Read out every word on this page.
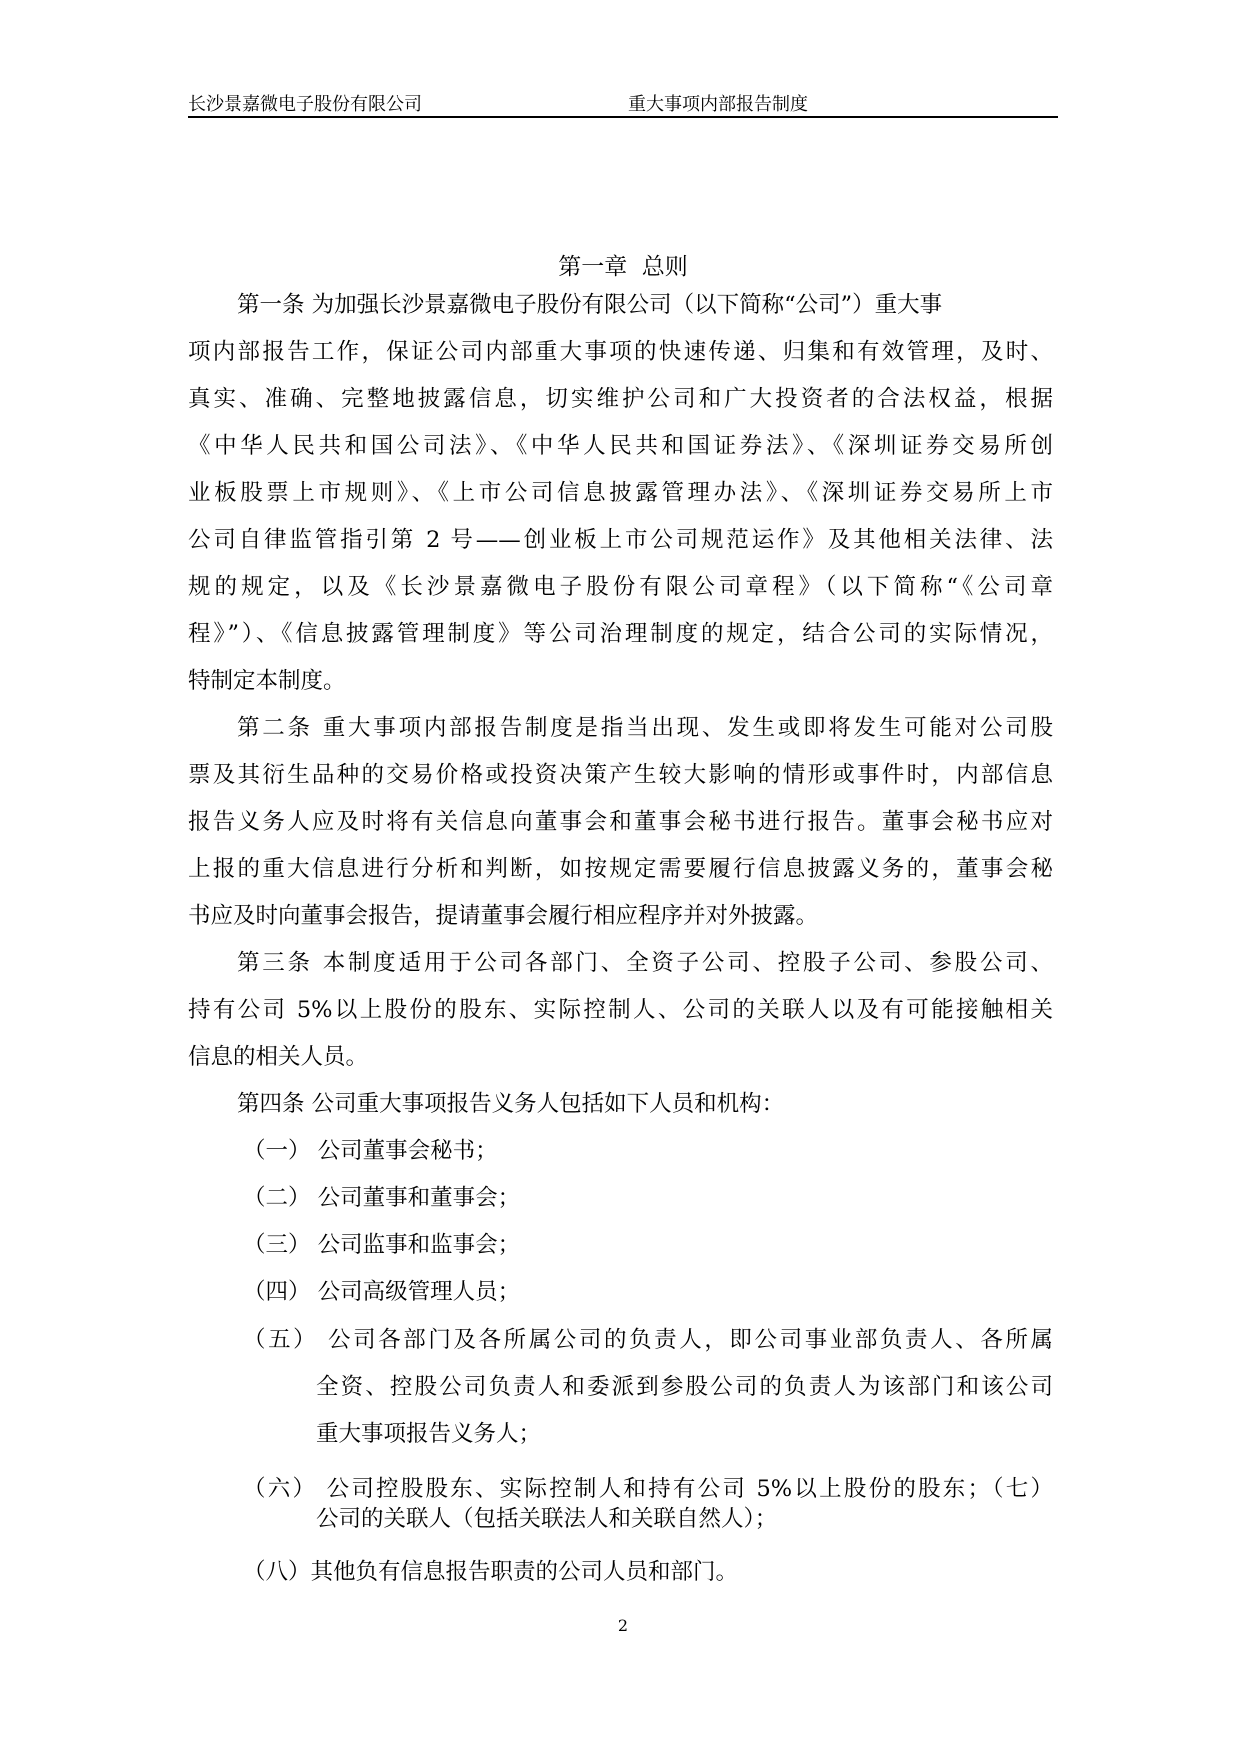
长沙景嘉微电子股份有限公司	重大事项内部报告制度
第一章  总则
第一条 为加强长沙景嘉微电子股份有限公司（以下简称“公司”）重大事
项内部报告工作，保证公司内部重大事项的快速传递、归集和有效管理，及时、
真实、准确、完整地披露信息，切实维护公司和广大投资者的合法权益，根据
《中华人民共和国公司法》、《中华人民共和国证券法》、《深圳证券交易所创
业板股票上市规则》、《上市公司信息披露管理办法》、《深圳证券交易所上市
公司自律监管指引第 2 号——创业板上市公司规范运作》及其他相关法律、法
规的规定，以及《长沙景嘉微电子股份有限公司章程》（以下简称“《公司章
程》”）、《信息披露管理制度》等公司治理制度的规定，结合公司的实际情况，
特制定本制度。
第二条 重大事项内部报告制度是指当出现、发生或即将发生可能对公司股
票及其衍生品种的交易价格或投资决策产生较大影响的情形或事件时，内部信息
报告义务人应及时将有关信息向董事会和董事会秘书进行报告。董事会秘书应对
上报的重大信息进行分析和判断，如按规定需要履行信息披露义务的，董事会秘
书应及时向董事会报告，提请董事会履行相应程序并对外披露。
第三条 本制度适用于公司各部门、全资子公司、控股子公司、参股公司、
持有公司 5%以上股份的股东、实际控制人、公司的关联人以及有可能接触相关
信息的相关人员。
第四条 公司重大事项报告义务人包括如下人员和机构：
（一） 公司董事会秘书；
（二） 公司董事和董事会；
（三） 公司监事和监事会；
（四） 公司高级管理人员；
（五） 公司各部门及各所属公司的负责人，即公司事业部负责人、各所属
全资、控股公司负责人和委派到参股公司的负责人为该部门和该公司
重大事项报告义务人；
（六） 公司控股股东、实际控制人和持有公司 5%以上股份的股东；（七）
公司的关联人（包括关联法人和关联自然人）；
（八）其他负有信息报告职责的公司人员和部门。
2
